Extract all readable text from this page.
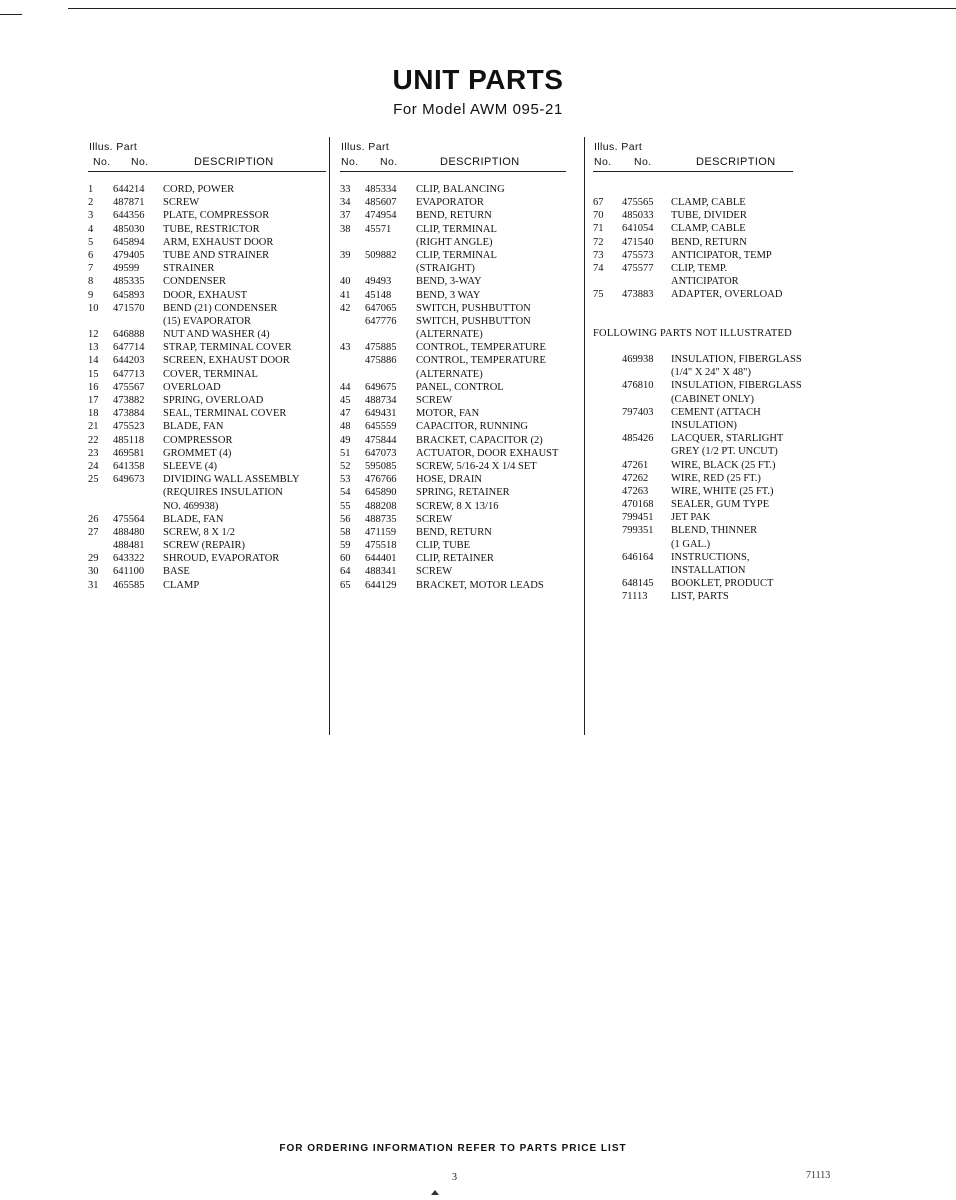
UNIT PARTS
For Model AWM 095-21
Illus. Part
No. No.	DESCRIPTION
1 644214 CORD, POWER
2 487871 SCREW
3 644356 PLATE, COMPRESSOR
4 485030 TUBE, RESTRICTOR
5 645894 ARM, EXHAUST DOOR
6 479405 TUBE AND STRAINER
7 49599 STRAINER
8 485335 CONDENSER
9 645893 DOOR, EXHAUST
10 471570 BEND (21) CONDENSER
(15) EVAPORATOR
12 646888 NUT AND WASHER (4)
13 647714 STRAP, TERMINAL COVER
14 644203 SCREEN, EXHAUST DOOR
15 647713 COVER, TERMINAL
16 475567 OVERLOAD
17 473882 SPRING, OVERLOAD
18 473884 SEAL, TERMINAL COVER
21 475523 BLADE, FAN
22 485118 COMPRESSOR
23 469581 GROMMET (4)
24 641358 SLEEVE (4)
25 649673 DIVIDING WALL ASSEMBLY
(REQUIRES INSULATION
NO. 469938)
26 475564 BLADE, FAN
27 488480 SCREW, 8 X 1/2
488481 SCREW (REPAIR)
29 643322 SHROUD, EVAPORATOR
30 641100 BASE
31 465585 CLAMP
Illus. Part
No. No.	DESCRIPTION
33 485334 CLIP, BALANCING
34 485607 EVAPORATOR
37 474954 BEND, RETURN
38 45571 CLIP, TERMINAL
(RIGHT ANGLE)
39 509882 CLIP, TERMINAL
(STRAIGHT)
40 49493 BEND, 3-WAY
41 45148 BEND, 3 WAY
42 647065 SWITCH, PUSHBUTTON
647776 SWITCH, PUSHBUTTON
(ALTERNATE)
43 475885 CONTROL, TEMPERATURE
475886 CONTROL, TEMPERATURE
(ALTERNATE)
44 649675 PANEL, CONTROL
45 488734 SCREW
47 649431 MOTOR, FAN
48 645559 CAPACITOR, RUNNING
49 475844 BRACKET, CAPACITOR (2)
51 647073 ACTUATOR, DOOR EXHAUST
52 595085 SCREW, 5/16-24 X 1/4 SET
53 476766 HOSE, DRAIN
54 645890 SPRING, RETAINER
55 488208 SCREW, 8 X 13/16
56 488735 SCREW
58 471159 BEND, RETURN
59 475518 CLIP, TUBE
60 644401 CLIP, RETAINER
64 488341 SCREW
65 644129 BRACKET, MOTOR LEADS
Illus. Part
No. No.	DESCRIPTION
67 475565 CLAMP, CABLE
70 485033 TUBE, DIVIDER
71 641054 CLAMP, CABLE
72 471540 BEND, RETURN
73 475573 ANTICIPATOR, TEMP
74 475577 CLIP, TEMP.
ANTICIPATOR
75 473883 ADAPTER, OVERLOAD
FOLLOWING PARTS NOT ILLUSTRATED
469938 INSULATION, FIBERGLASS
(1/4" X 24" X 48")
476810 INSULATION, FIBERGLASS
(CABINET ONLY)
797403 CEMENT (ATTACH
INSULATION)
485426 LACQUER, STARLIGHT
GREY (1/2 PT. UNCUT)
47261 WIRE, BLACK (25 FT.)
47262 WIRE, RED (25 FT.)
47263 WIRE, WHITE (25 FT.)
470168 SEALER, GUM TYPE
799451 JET PAK
799351 BLEND, THINNER
(1 GAL.)
646164 INSTRUCTIONS,
INSTALLATION
648145 BOOKLET, PRODUCT
71113 LIST, PARTS
FOR ORDERING INFORMATION REFER TO PARTS PRICE LIST
3	71113
